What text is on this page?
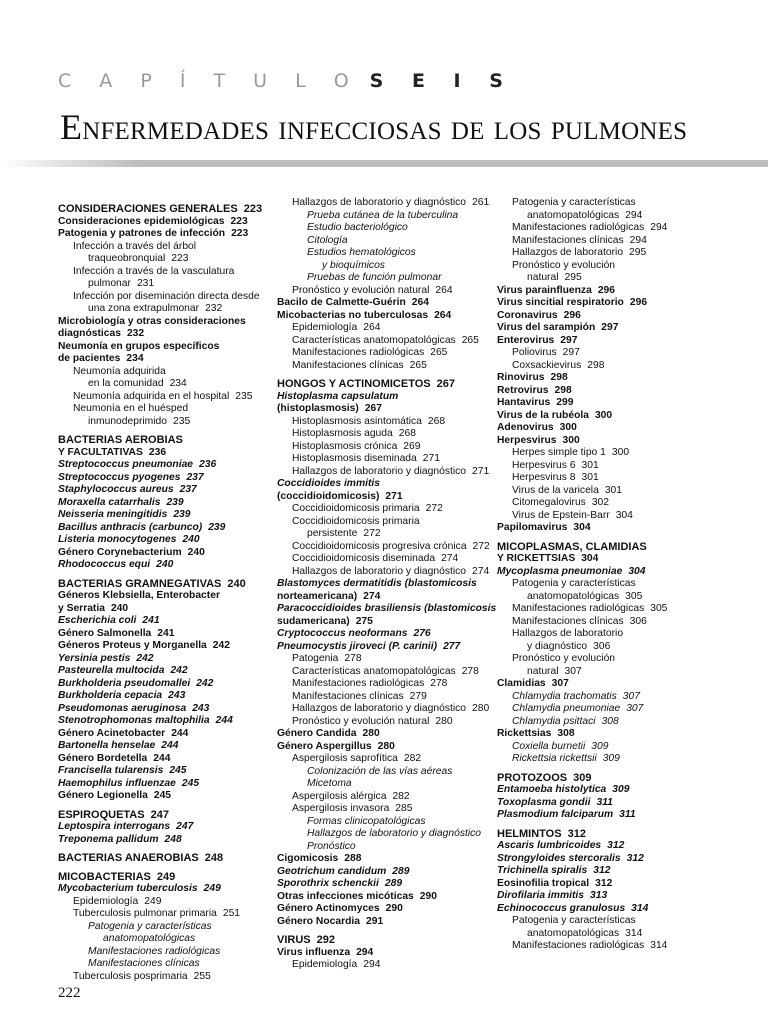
C A P Í T U L O S E I S
Enfermedades infecciosas de los pulmones
CONSIDERACIONES GENERALES 223
Consideraciones epidemiológicas 223
Patogenia y patrones de infección 223
Infección a través del árbol
traqueobronquial 223
Infección a través de la vasculatura
pulmonar 231
Infección por diseminación directa desde
una zona extrapulmonar 232
Microbiología y otras consideraciones
diagnósticas 232
Neumonía en grupos específicos
de pacientes 234
Neumonía adquirida
en la comunidad 234
Neumonía adquirida en el hospital 235
Neumonía en el huésped
inmunodeprimido 235
BACTERIAS AEROBIAS
Y FACULTATIVAS 236
Streptococcus pneumoniae 236
Streptococcus pyogenes 237
Staphylococcus aureus 237
Moraxella catarrhalis 239
Neisseria meningitidis 239
Bacillus anthracis (carbunco) 239
Listeria monocytogenes 240
Género Corynebacterium 240
Rhodococcus equi 240
BACTERIAS GRAMNEGATIVAS 240
Géneros Klebsiella, Enterobacter
y Serratia 240
Escherichia coli 241
Género Salmonella 241
Géneros Proteus y Morganella 242
Yersinia pestis 242
Pasteurella multocida 242
Burkholderia pseudomallei 242
Burkholderia cepacia 243
Pseudomonas aeruginosa 243
Stenotrophomonas maltophilia 244
Género Acinetobacter 244
Bartonella henselae 244
Género Bordetella 244
Francisella tularensis 245
Haemophilus influenzae 245
Género Legionella 245
ESPIROQUETAS 247
Leptospira interrogans 247
Treponema pallidum 248
BACTERIAS ANAEROBIAS 248
MICOBACTERIAS 249
Mycobacterium tuberculosis 249
Epidemiología 249
Tuberculosis pulmonar primaria 251
Patogenia y características
anatomopatológicas
Manifestaciones radiológicas
Manifestaciones clínicas
Tuberculosis posprimaria 255
Hallazgos de laboratorio y diagnóstico 261
Prueba cutánea de la tuberculina
Estudio bacteriológico
Citología
Estudios hematológicos
y bioquímicos
Pruebas de función pulmonar
Pronóstico y evolución natural 264
Bacilo de Calmette-Guérin 264
Micobacterias no tuberculosas 264
Epidemiología 264
Características anatomopatológicas 265
Manifestaciones radiológicas 265
Manifestaciones clínicas 265
HONGOS Y ACTINOMICETOS 267
Histoplasma capsulatum
(histoplasmosis) 267
Histoplasmosis asintomática 268
Histoplasmosis aguda 268
Histoplasmosis crónica 269
Histoplasmosis diseminada 271
Hallazgos de laboratorio y diagnóstico 271
Coccidioides immitis
(coccidioidomicosis) 271
Coccidioidomicosis primaria 272
Coccidioidomicosis primaria
persistente 272
Coccidioidomicosis progresiva crónica 272
Coccidioidomicosis diseminada 274
Hallazgos de laboratorio y diagnóstico 274
Blastomyces dermatitidis (blastomicosis
norteamericana) 274
Paracoccidioides brasiliensis (blastomicosis
sudamericana) 275
Cryptococcus neoformans 276
Pneumocystis jiroveci (P. carinii) 277
Patogenia 278
Características anatomopatológicas 278
Manifestaciones radiológicas 278
Manifestaciones clínicas 279
Hallazgos de laboratorio y diagnóstico 280
Pronóstico y evolución natural 280
Género Candida 280
Género Aspergillus 280
Aspergilosis saprofítica 282
Colonización de las vías aéreas
Micetoma
Aspergilosis alérgica 282
Aspergilosis invasora 285
Formas clinicopatológicas
Hallazgos de laboratorio y diagnóstico
Pronóstico
Cigomicosis 288
Geotrichum candidum 289
Sporothrix schenckii 289
Otras infecciones micóticas 290
Género Actinomyces 290
Género Nocardia 291
VIRUS 292
Virus influenza 294
Epidemiología 294
Patogenia y características
anatomopatológicas 294
Manifestaciones radiológicas 294
Manifestaciones clínicas 294
Hallazgos de laboratorio 295
Pronóstico y evolución
natural 295
Virus parainfluenza 296
Virus sincitial respiratorio 296
Coronavirus 296
Virus del sarampión 297
Enterovirus 297
Poliovirus 297
Coxsackievirus 298
Rinovirus 298
Retrovirus 298
Hantavirus 299
Virus de la rubéola 300
Adenovirus 300
Herpesvirus 300
Herpes simple tipo 1 300
Herpesvirus 6 301
Herpesvirus 8 301
Virus de la varicela 301
Citomegalovirus 302
Virus de Epstein-Barr 304
Papilomavirus 304
MICOPLASMAS, CLAMIDIAS
Y RICKETTSIAS 304
Mycoplasma pneumoniae 304
Patogenia y características
anatomopatológicas 305
Manifestaciones radiológicas 305
Manifestaciones clínicas 306
Hallazgos de laboratorio
y diagnóstico 306
Pronóstico y evolución
natural 307
Clamidias 307
Chlamydia trachomatis 307
Chlamydia pneumoniae 307
Chlamydia psittaci 308
Rickettsias 308
Coxiella burnetii 309
Rickettsia rickettsii 309
PROTOZOOS 309
Entamoeba histolytica 309
Toxoplasma gondii 311
Plasmodium falciparum 311
HELMINTOS 312
Ascaris lumbricoides 312
Strongyloides stercoralis 312
Trichinella spiralis 312
Eosinofilia tropical 312
Dirofilaria immitis 313
Echinococcus granulosus 314
Patogenia y características
anatomopatológicas 314
Manifestaciones radiológicas 314
222
